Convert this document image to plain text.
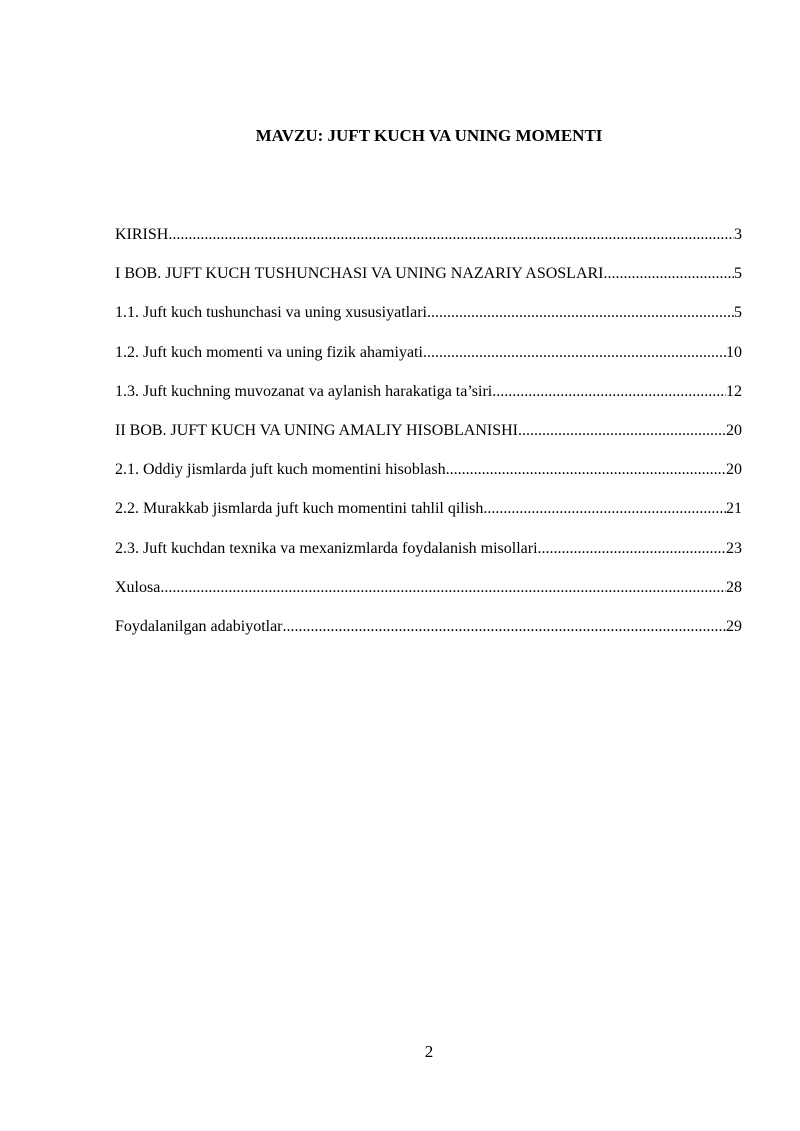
MAVZU: JUFT KUCH VA UNING MOMENTI
KIRISH .....	3
I BOB. JUFT KUCH TUSHUNCHASI VA UNING NAZARIY ASOSLARI .....	5
1.1. Juft kuch tushunchasi va uning xususiyatlari .....	5
1.2. Juft kuch momenti va uning fizik ahamiyati .....	10
1.3. Juft kuchning muvozanat va aylanish harakatiga ta’siri .....	12
II BOB. JUFT KUCH VA UNING AMALIY HISOBLANISHI .....	20
2.1. Oddiy jismlarda juft kuch momentini hisoblash .....	20
2.2. Murakkab jismlarda juft kuch momentini tahlil qilish .....	21
2.3. Juft kuchdan texnika va mexanizmlarda foydalanish misollari .....	23
Xulosa .....	28
Foydalanilgan adabiyotlar .....	29
2
